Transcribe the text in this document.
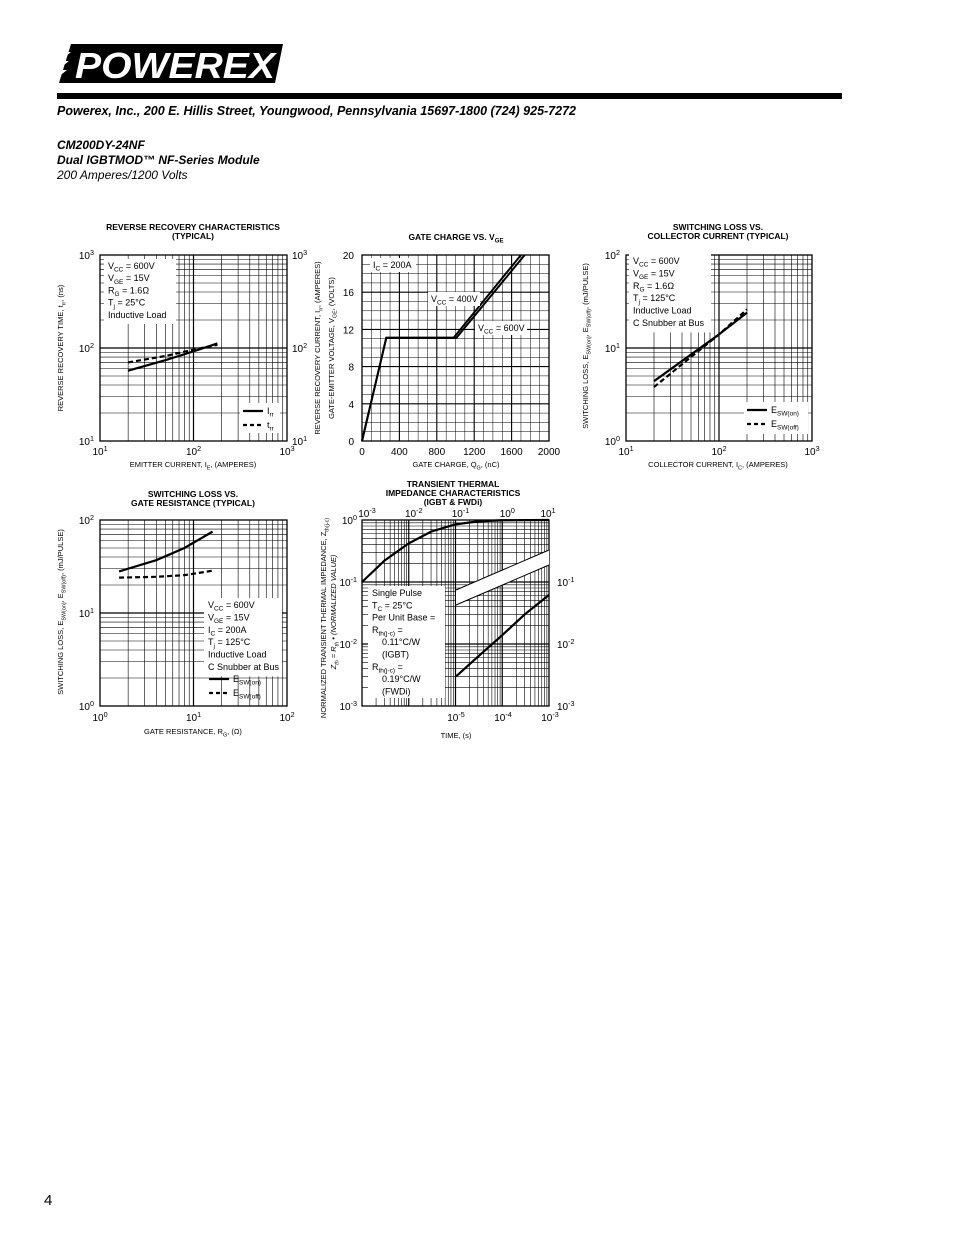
POWEREX
Powerex, Inc., 200 E. Hillis Street, Youngwood, Pennsylvania 15697-1800 (724) 925-7272
CM200DY-24NF
Dual IGBTMOD™ NF-Series Module
200 Amperes/1200 Volts
REVERSE RECOVERY CHARACTERISTICS
(TYPICAL)
$10^1$	$10^2$	$10^3$
$10^1$
$10^2$
$10^3$
$10^1$
$10^2$
$10^3$
EMITTER CURRENT, $I_E$, (AMPERES)
REVERSE RECOVERY TIME, $t_{rr}$, (ns)
REVERSE RECOVERY CURRENT, $I_{rr}$, (AMPERES)
$V_{CC} = 600V$
$V_{GE} = 15V$
$R_G = 1.6\Omega$
$T_j = 25^\circ C$
Inductive Load
$I_{rr}$
$t_{rr}$
GATE CHARGE VS. $V_{GE}$
0	400 800 1200 1600 2000
0
4
8
12
16
20
GATE CHARGE, $Q_G$, (nC)
GATE-EMITTER VOLTAGE, $V_{GE}$, (VOLTS)
$I_C = 200A$
$V_{CC} = 400V$
$V_{CC} = 600V$
SWITCHING LOSS VS.
COLLECTOR CURRENT (TYPICAL)
$10^1$	$10^2$	$10^3$
$10^0$
$10^1$
$10^2$
COLLECTOR CURRENT, $I_C$, (AMPERES)
SWITCHING LOSS, $E_{SW(on)}$, $E_{SW(off)}$, (mJ/PULSE)
$V_{CC} = 600V$
$V_{GE} = 15V$
$R_G = 1.6\Omega$
$T_j = 125^\circ C$
Inductive Load
C Snubber at Bus
$E_{SW(on)}$
$E_{SW(off)}$
SWITCHING LOSS VS.
GATE RESISTANCE (TYPICAL)
$10^0$	$10^1$	$10^2$
$10^0$
$10^1$
$10^2$
GATE RESISTANCE, $R_G$, (Ω)
SWITCHING LOSS, $E_{SW(on)}$, $E_{SW(off)}$, (mJ/PULSE)
$V_{CC} = 600V$
$V_{GE} = 15V$
$I_C = 200A$
$T_j = 125^\circ C$
Inductive Load
C Snubber at Bus
$E_{SW(on)}$
$E_{SW(off)}$
TRANSIENT THERMAL
IMPEDANCE CHARACTERISTICS
(IGBT & FWDi)
$10^{-3}$	$10^{-2}$	$10^{-1}$	$10^0$	$10^1$
$10^{-5}$	$10^{-4}$	$10^{-3}$
$10^{-3}$
$10^{-2}$
$10^{-1}$
$10^0$
$10^{-3}$
$10^{-2}$
$10^{-1}$
TIME, (s)
NORMALIZED TRANSIENT THERMAL IMPEDANCE, $Z_{th(j-c)}$
$Z_{th} = R_{th}$ • (NORMALIZED VALUE)	Single Pulse
$T_C = 25^\circ C$
Per Unit Base =
$R_{th(j-c)}$ =
0.11°C/W
(IGBT)
$R_{th(j-c)}$ =
0.19°C/W
(FWDi)
4
